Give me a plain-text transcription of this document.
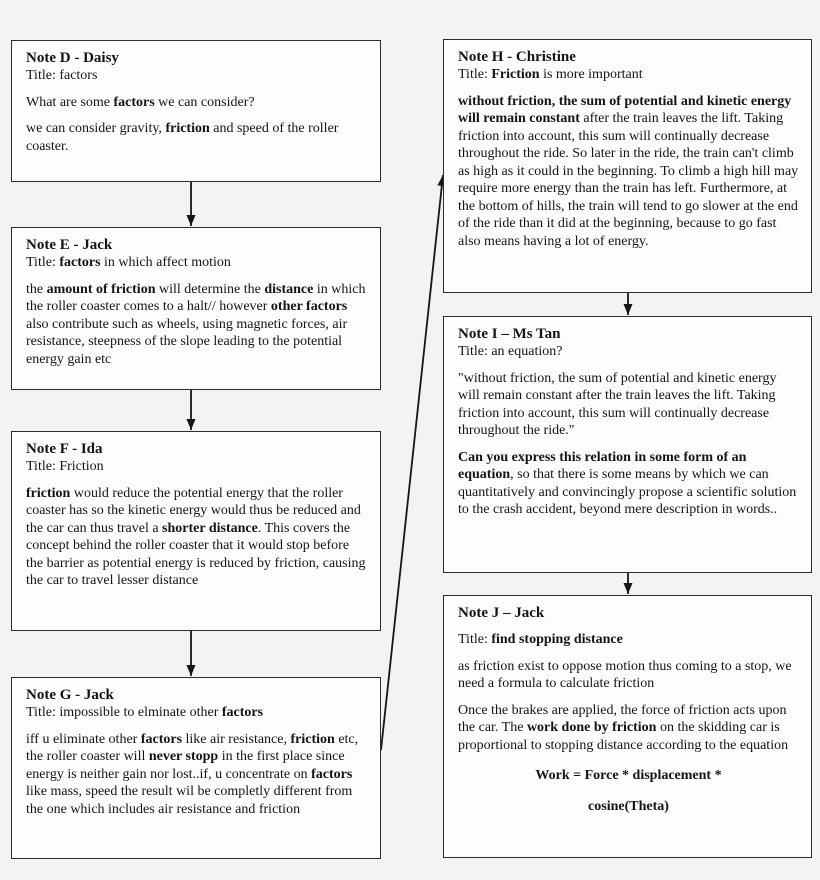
Note D - Daisy
Title: factors

What are some factors we can consider?

we can consider gravity, friction and speed of the roller coaster.

Note E - Jack
Title: factors in which affect motion

the amount of friction will determine the distance in which the roller coaster comes to a halt// however other factors also contribute such as wheels, using magnetic forces, air resistance, steepness of the slope leading to the potential energy gain etc

Note F - Ida
Title: Friction

friction would reduce the potential energy that the roller coaster has so the kinetic energy would thus be reduced and the car can thus travel a shorter distance. This covers the concept behind the roller coaster that it would stop before the barrier as potential energy is reduced by friction, causing the car to travel lesser distance

Note G - Jack
Title: impossible to elminate other factors

iff u eliminate other factors like air resistance, friction etc, the roller coaster will never stopp in the first place since energy is neither gain nor lost..if, u concentrate on factors like mass, speed the result wil be completly different from the one which includes air resistance and friction

Note H - Christine
Title: Friction is more important

without friction, the sum of potential and kinetic energy will remain constant after the train leaves the lift. Taking friction into account, this sum will continually decrease throughout the ride. So later in the ride, the train can't climb as high as it could in the beginning. To climb a high hill may require more energy than the train has left. Furthermore, at the bottom of hills, the train will tend to go slower at the end of the ride than it did at the beginning, because to go fast also means having a lot of energy.

Note I – Ms Tan
Title: an equation?

"without friction, the sum of potential and kinetic energy will remain constant after the train leaves the lift. Taking friction into account, this sum will continually decrease throughout the ride."

Can you express this relation in some form of an equation, so that there is some means by which we can quantitatively and convincingly propose a scientific solution to the crash accident, beyond mere description in words..

Note J – Jack
Title: find stopping distance

as friction exist to oppose motion thus coming to a stop, we need a formula to calculate friction

Once the brakes are applied, the force of friction acts upon the car. The work done by friction on the skidding car is proportional to stopping distance according to the equation

Work = Force * displacement *

cosine(Theta)
